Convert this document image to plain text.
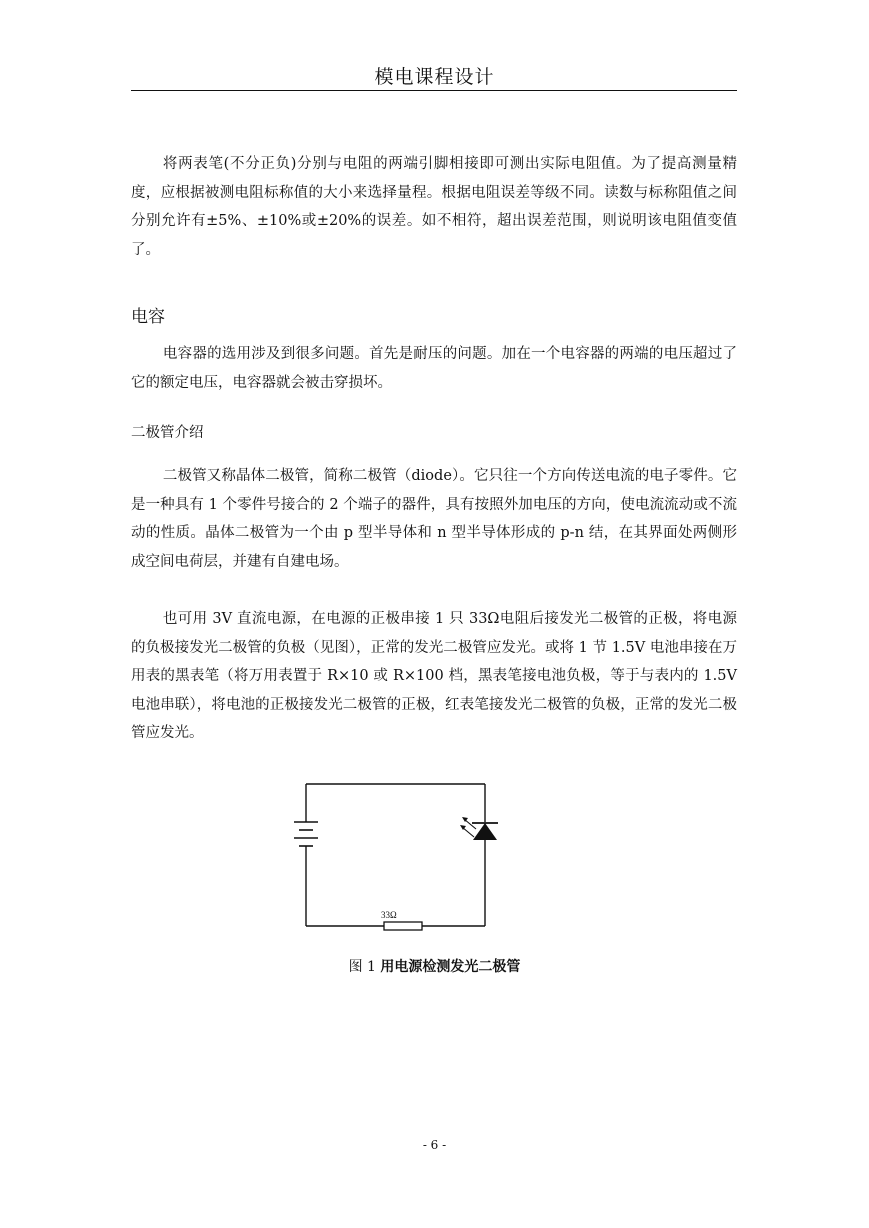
模电课程设计

将两表笔(不分正负)分别与电阻的两端引脚相接即可测出实际电阻值。为了提高测量精度，应根据被测电阻标称值的大小来选择量程。根据电阻误差等级不同。读数与标称阻值之间分别允许有±5%、±10%或±20%的误差。如不相符，超出误差范围，则说明该电阻值变值了。

电容

电容器的选用涉及到很多问题。首先是耐压的问题。加在一个电容器的两端的电压超过了它的额定电压，电容器就会被击穿损坏。

二极管介绍

二极管又称晶体二极管，简称二极管（diode）。它只往一个方向传送电流的电子零件。它是一种具有 1 个零件号接合的 2 个端子的器件，具有按照外加电压的方向，使电流流动或不流动的性质。晶体二极管为一个由 p 型半导体和 n 型半导体形成的 p-n 结，在其界面处两侧形成空间电荷层，并建有自建电场。

也可用 3V 直流电源，在电源的正极串接 1 只 33Ω电阻后接发光二极管的正极，将电源的负极接发光二极管的负极（见图），正常的发光二极管应发光。或将 1 节 1.5V 电池串接在万用表的黑表笔（将万用表置于 R×10 或 R×100 档，黑表笔接电池负极，等于与表内的 1.5V 电池串联），将电池的正极接发光二极管的正极，红表笔接发光二极管的负极，正常的发光二极管应发光。

33Ω
图 1 用电源检测发光二极管
- 6 -
